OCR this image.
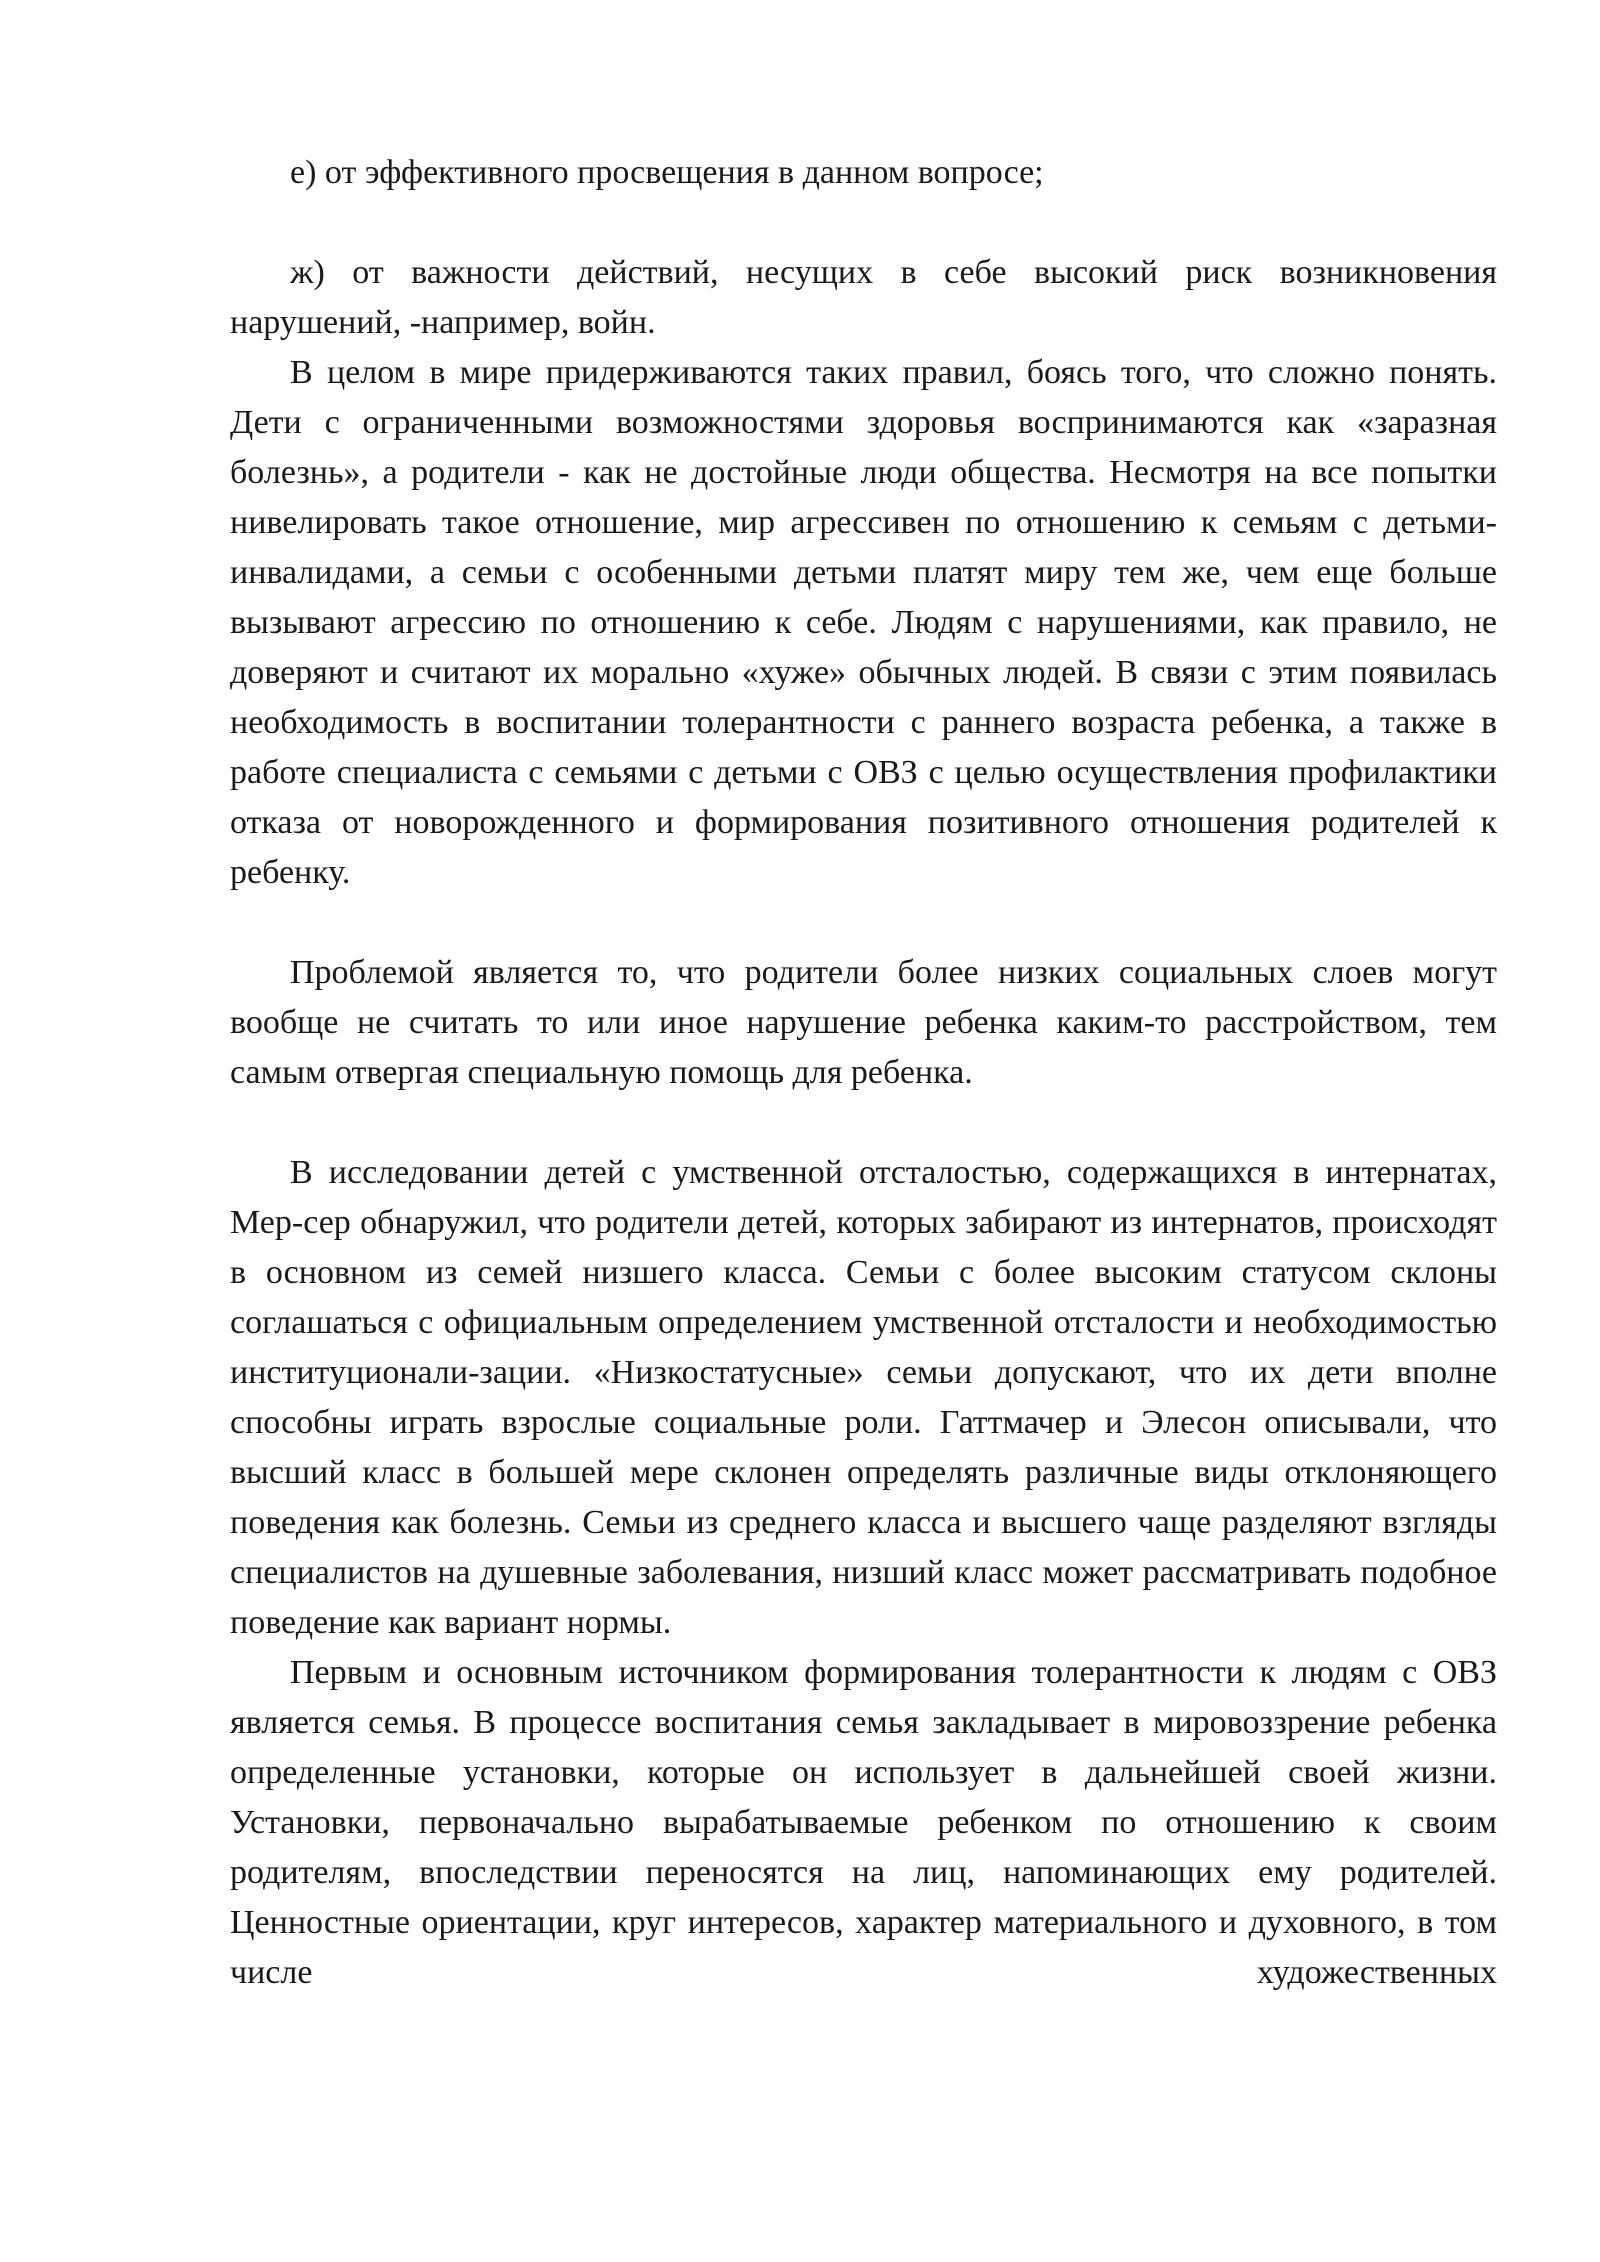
е) от эффективного просвещения в данном вопросе;

ж) от важности действий, несущих в себе высокий риск возникновения нарушений, -например, войн.

В целом в мире придерживаются таких правил, боясь того, что сложно понять. Дети с ограниченными возможностями здоровья воспринимаются как «заразная болезнь», а родители - как не достойные люди общества. Несмотря на все попытки нивелировать такое отношение, мир агрессивен по отношению к семьям с детьми-инвалидами, а семьи с особенными детьми платят миру тем же, чем еще больше вызывают агрессию по отношению к себе. Людям с нарушениями, как правило, не доверяют и считают их морально «хуже» обычных людей. В связи с этим появилась необходимость в воспитании толерантности с раннего возраста ребенка, а также в работе специалиста с семьями с детьми с ОВЗ с целью осуществления профилактики отказа от новорожденного и формирования позитивного отношения родителей к ребенку.

Проблемой является то, что родители более низких социальных слоев могут вообще не считать то или иное нарушение ребенка каким-то расстройством, тем самым отвергая специальную помощь для ребенка.

В исследовании детей с умственной отсталостью, содержащихся в интернатах, Мер-сер обнаружил, что родители детей, которых забирают из интернатов, происходят в основном из семей низшего класса. Семьи с более высоким статусом склоны соглашаться с официальным определением умственной отсталости и необходимостью институционали-зации. «Низкостатусные» семьи допускают, что их дети вполне способны играть взрослые социальные роли. Гаттмачер и Элесон описывали, что высший класс в большей мере склонен определять различные виды отклоняющего поведения как болезнь. Семьи из среднего класса и высшего чаще разделяют взгляды специалистов на душевные заболевания, низший класс может рассматривать подобное поведение как вариант нормы.

Первым и основным источником формирования толерантности к людям с ОВЗ является семья. В процессе воспитания семья закладывает в мировоззрение ребенка определенные установки, которые он использует в дальнейшей своей жизни. Установки, первоначально вырабатываемые ребенком по отношению к своим родителям, впоследствии переносятся на лиц, напоминающих ему родителей. Ценностные ориентации, круг интересов, характер материального и духовного, в том числе художественных
